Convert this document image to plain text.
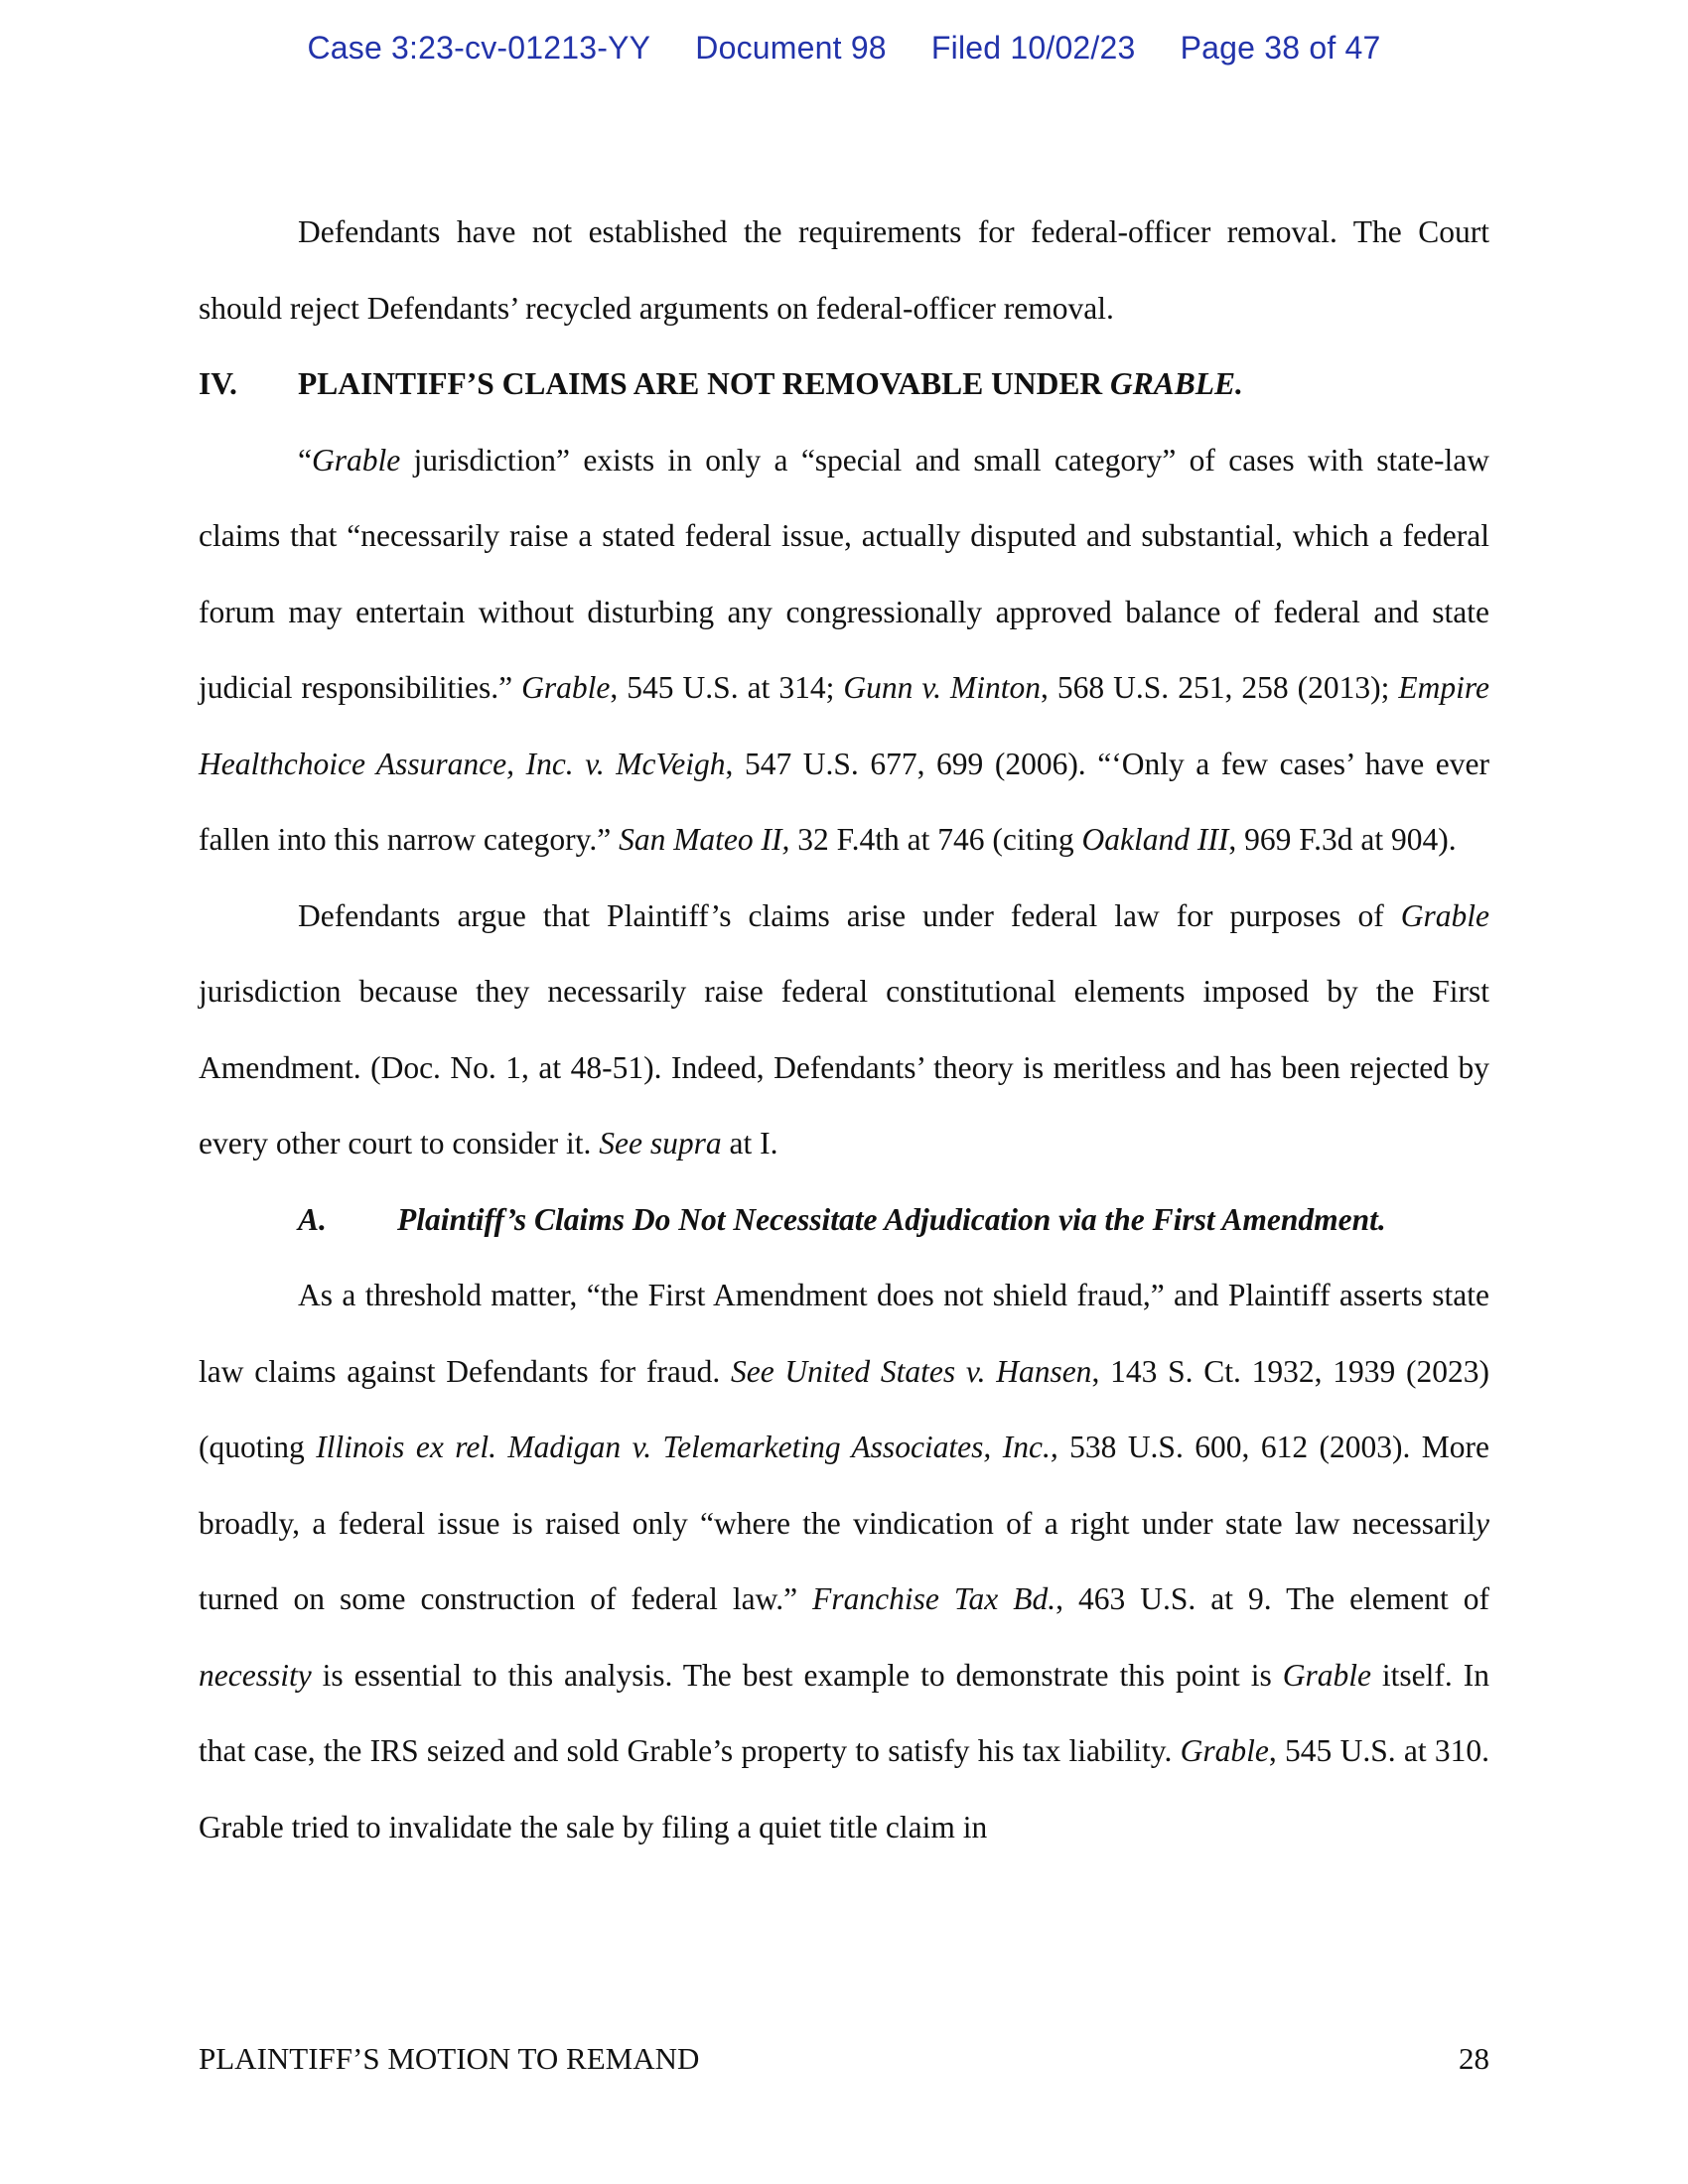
Case 3:23-cv-01213-YY Document 98 Filed 10/02/23 Page 38 of 47

Defendants have not established the requirements for federal-officer removal. The Court should reject Defendants’ recycled arguments on federal-officer removal.

IV. PLAINTIFF’S CLAIMS ARE NOT REMOVABLE UNDER GRABLE.

“Grable jurisdiction” exists in only a “special and small category” of cases with state-law claims that “necessarily raise a stated federal issue, actually disputed and substantial, which a federal forum may entertain without disturbing any congressionally approved balance of federal and state judicial responsibilities.” Grable, 545 U.S. at 314; Gunn v. Minton, 568 U.S. 251, 258 (2013); Empire Healthchoice Assurance, Inc. v. McVeigh, 547 U.S. 677, 699 (2006). “‘Only a few cases’ have ever fallen into this narrow category.” San Mateo II, 32 F.4th at 746 (citing Oakland III, 969 F.3d at 904).

Defendants argue that Plaintiff’s claims arise under federal law for purposes of Grable jurisdiction because they necessarily raise federal constitutional elements imposed by the First Amendment. (Doc. No. 1, at 48-51). Indeed, Defendants’ theory is meritless and has been rejected by every other court to consider it. See supra at I.

A. Plaintiff’s Claims Do Not Necessitate Adjudication via the First Amendment.

As a threshold matter, “the First Amendment does not shield fraud,” and Plaintiff asserts state law claims against Defendants for fraud. See United States v. Hansen, 143 S. Ct. 1932, 1939 (2023) (quoting Illinois ex rel. Madigan v. Telemarketing Associates, Inc., 538 U.S. 600, 612 (2003). More broadly, a federal issue is raised only “where the vindication of a right under state law necessarily turned on some construction of federal law.” Franchise Tax Bd., 463 U.S. at 9. The element of necessity is essential to this analysis. The best example to demonstrate this point is Grable itself. In that case, the IRS seized and sold Grable’s property to satisfy his tax liability. Grable, 545 U.S. at 310. Grable tried to invalidate the sale by filing a quiet title claim in

PLAINTIFF’S MOTION TO REMAND	28
